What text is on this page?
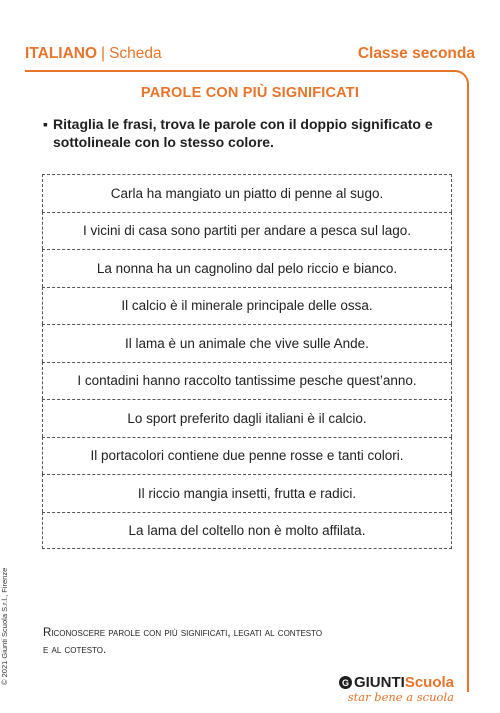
ITALIANO | Scheda	Classe seconda
PAROLE CON PIÙ SIGNIFICATI
▪ Ritaglia le frasi, trova le parole con il doppio significato e sottolineale con lo stesso colore.
Carla ha mangiato un piatto di penne al sugo.
I vicini di casa sono partiti per andare a pesca sul lago.
La nonna ha un cagnolino dal pelo riccio e bianco.
Il calcio è il minerale principale delle ossa.
Il lama è un animale che vive sulle Ande.
I contadini hanno raccolto tantissime pesche quest’anno.
Lo sport preferito dagli italiani è il calcio.
Il portacolori contiene due penne rosse e tanti colori.
Il riccio mangia insetti, frutta e radici.
La lama del coltello non è molto affilata.
Riconoscere parole con più significati, legati al contesto
e al cotesto.
© 2021 Giunti Scuola S.r.l., Firenze	G GIUNTI Scuola
star bene a scuola
